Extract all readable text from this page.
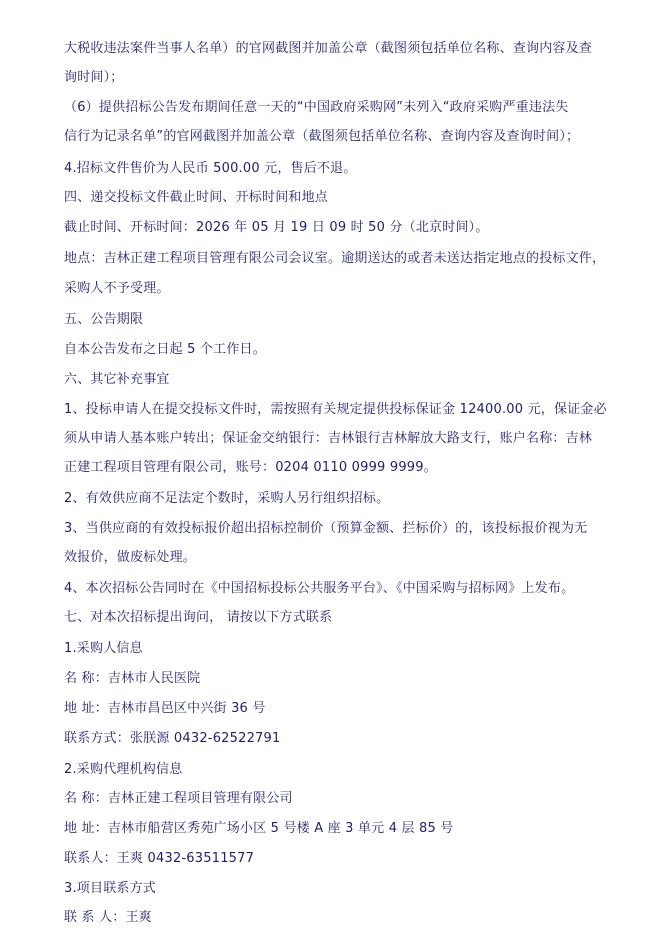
大税收违法案件当事人名单）的官网截图并加盖公章（截图须包括单位名称、查询内容及查
询时间）；
（6）提供招标公告发布期间任意一天的“中国政府采购网”未列入“政府采购严重违法失
信行为记录名单”的官网截图并加盖公章（截图须包括单位名称、查询内容及查询时间）；
4.招标文件售价为人民币 500.00 元，售后不退。
四、递交投标文件截止时间、开标时间和地点
截止时间、开标时间：2026 年 05 月 19 日 09 时 50 分（北京时间）。
地点：吉林正建工程项目管理有限公司会议室。逾期送达的或者未送达指定地点的投标文件，
采购人不予受理。
五、公告期限
自本公告发布之日起 5 个工作日。
六、其它补充事宜
1、投标申请人在提交投标文件时，需按照有关规定提供投标保证金 12400.00 元，保证金必
须从申请人基本账户转出；保证金交纳银行：吉林银行吉林解放大路支行，账户名称：吉林
正建工程项目管理有限公司，账号：0204 0110 0999 9999。
2、有效供应商不足法定个数时，采购人另行组织招标。
3、当供应商的有效投标报价超出招标控制价（预算金额、拦标价）的，该投标报价视为无
效报价，做废标处理。
4、本次招标公告同时在《中国招标投标公共服务平台》、《中国采购与招标网》上发布。
七、对本次招标提出询问， 请按以下方式联系
1.采购人信息
名 称：吉林市人民医院
地 址：吉林市昌邑区中兴街 36 号
联系方式：张朕源 0432-62522791
2.采购代理机构信息
名 称：吉林正建工程项目管理有限公司
地 址：吉林市船营区秀苑广场小区 5 号楼 A 座 3 单元 4 层 85 号
联系人：王爽 0432-63511577
3.项目联系方式
联 系 人：王爽
